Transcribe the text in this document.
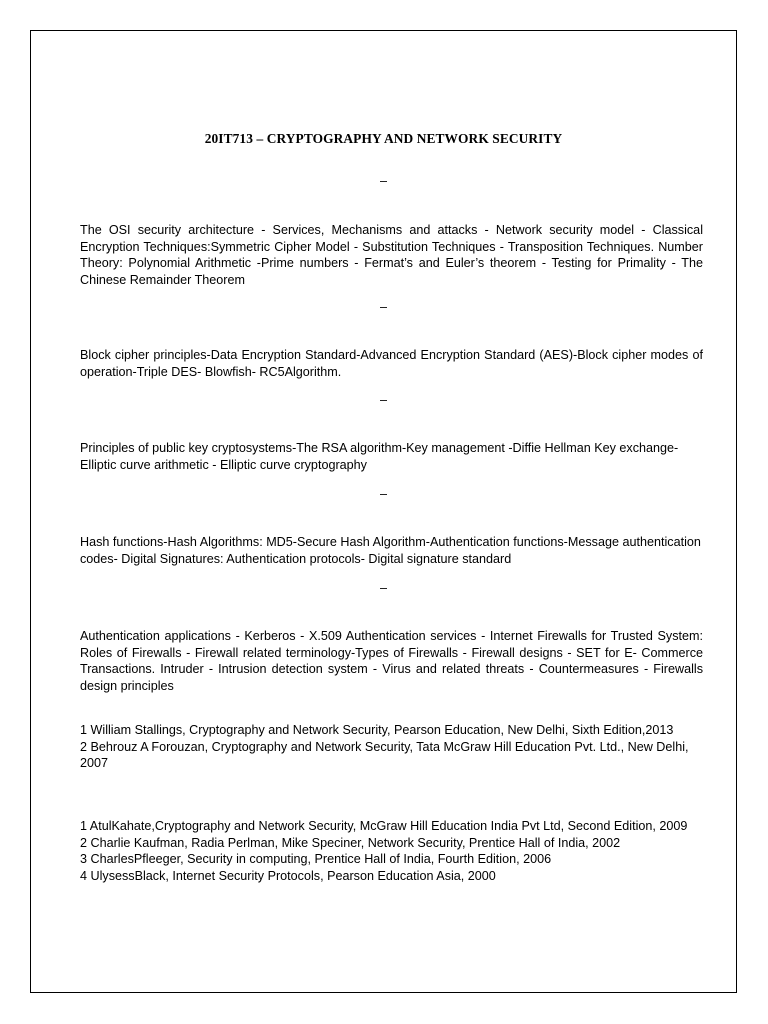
20IT713 – CRYPTOGRAPHY AND NETWORK SECURITY
–

The OSI security architecture - Services, Mechanisms and attacks - Network security model - Classical Encryption Techniques:Symmetric Cipher Model - Substitution Techniques - Transposition Techniques. Number Theory: Polynomial Arithmetic -Prime numbers - Fermat’s and Euler’s theorem - Testing for Primality - The Chinese Remainder Theorem

–

Block cipher principles-Data Encryption Standard-Advanced Encryption Standard (AES)-Block cipher modes of operation-Triple DES- Blowfish- RC5Algorithm.

–

Principles of public key cryptosystems-The RSA algorithm-Key management -Diffie Hellman Key exchange-Elliptic curve arithmetic - Elliptic curve cryptography

–

Hash functions-Hash Algorithms: MD5-Secure Hash Algorithm-Authentication functions-Message authentication codes- Digital Signatures: Authentication protocols- Digital signature standard

–

Authentication applications - Kerberos - X.509 Authentication services - Internet Firewalls for Trusted System: Roles of Firewalls - Firewall related terminology-Types of Firewalls - Firewall designs - SET for E- Commerce Transactions. Intruder - Intrusion detection system - Virus and related threats - Countermeasures - Firewalls design principles

1 William Stallings, Cryptography and Network Security, Pearson Education, New Delhi, Sixth Edition,2013
2 Behrouz A Forouzan, Cryptography and Network Security, Tata McGraw Hill Education Pvt. Ltd., New Delhi, 2007
1 AtulKahate,Cryptography and Network Security, McGraw Hill Education India Pvt Ltd, Second Edition, 2009
2 Charlie Kaufman, Radia Perlman, Mike Speciner, Network Security, Prentice Hall of India, 2002
3 CharlesPfleeger, Security in computing, Prentice Hall of India, Fourth Edition, 2006
4 UlysessBlack, Internet Security Protocols, Pearson Education Asia, 2000
